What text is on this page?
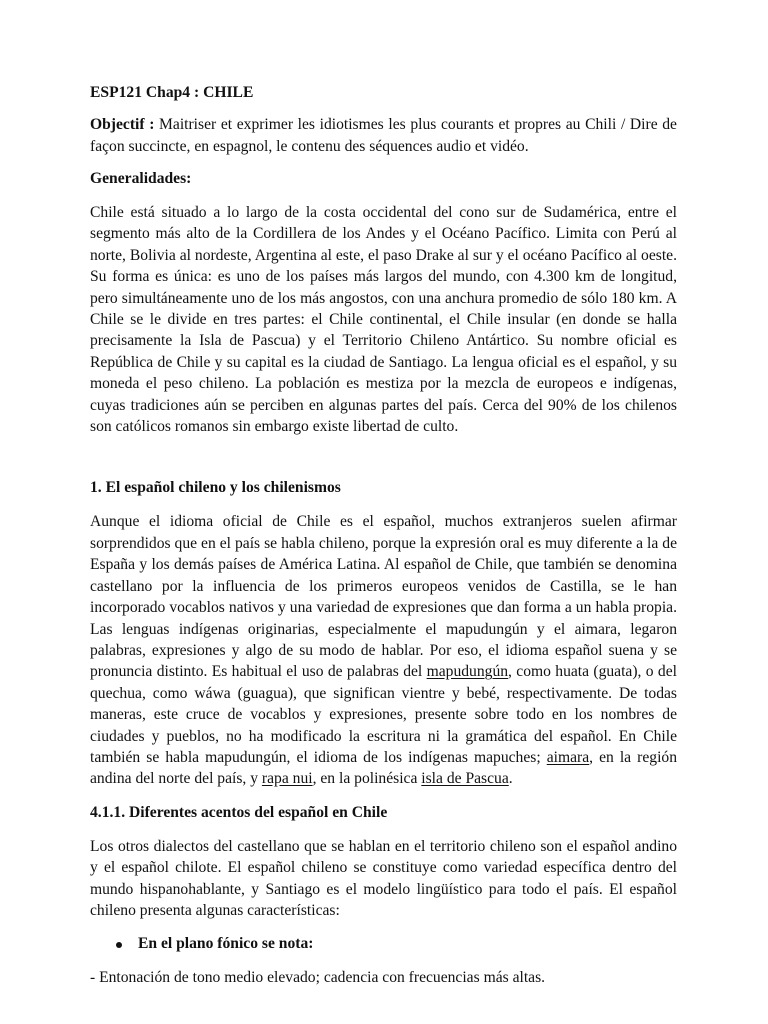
ESP121 Chap4 : CHILE

Objectif : Maitriser et exprimer les idiotismes les plus courants et propres au Chili / Dire de façon succincte, en espagnol, le contenu des séquences audio et vidéo.

Generalidades:

Chile está situado a lo largo de la costa occidental del cono sur de Sudamérica, entre el segmento más alto de la Cordillera de los Andes y el Océano Pacífico. Limita con Perú al norte, Bolivia al nordeste, Argentina al este, el paso Drake al sur y el océano Pacífico al oeste. Su forma es única: es uno de los países más largos del mundo, con 4.300 km de longitud, pero simultáneamente uno de los más angostos, con una anchura promedio de sólo 180 km. A Chile se le divide en tres partes: el Chile continental, el Chile insular (en donde se halla precisamente la Isla de Pascua) y el Territorio Chileno Antártico. Su nombre oficial es República de Chile y su capital es la ciudad de Santiago. La lengua oficial es el español, y su moneda el peso chileno. La población es mestiza por la mezcla de europeos e indígenas, cuyas tradiciones aún se perciben en algunas partes del país. Cerca del 90% de los chilenos son católicos romanos sin embargo existe libertad de culto.

1. El español chileno y los chilenismos

Aunque el idioma oficial de Chile es el español, muchos extranjeros suelen afirmar sorprendidos que en el país se habla chileno, porque la expresión oral es muy diferente a la de España y los demás países de América Latina. Al español de Chile, que también se denomina castellano por la influencia de los primeros europeos venidos de Castilla, se le han incorporado vocablos nativos y una variedad de expresiones que dan forma a un habla propia. Las lenguas indígenas originarias, especialmente el mapudungún y el aimara, legaron palabras, expresiones y algo de su modo de hablar. Por eso, el idioma español suena y se pronuncia distinto. Es habitual el uso de palabras del mapudungún, como huata (guata), o del quechua, como wáwa (guagua), que significan vientre y bebé, respectivamente. De todas maneras, este cruce de vocablos y expresiones, presente sobre todo en los nombres de ciudades y pueblos, no ha modificado la escritura ni la gramática del español. En Chile también se habla mapudungún, el idioma de los indígenas mapuches; aimara, en la región andina del norte del país, y rapa nui, en la polinésica isla de Pascua.

4.1.1. Diferentes acentos del español en Chile

Los otros dialectos del castellano que se hablan en el territorio chileno son el español andino y el español chilote. El español chileno se constituye como variedad específica dentro del mundo hispanohablante, y Santiago es el modelo lingüístico para todo el país. El español chileno presenta algunas características:

En el plano fónico se nota:

- Entonación de tono medio elevado; cadencia con frecuencias más altas.
